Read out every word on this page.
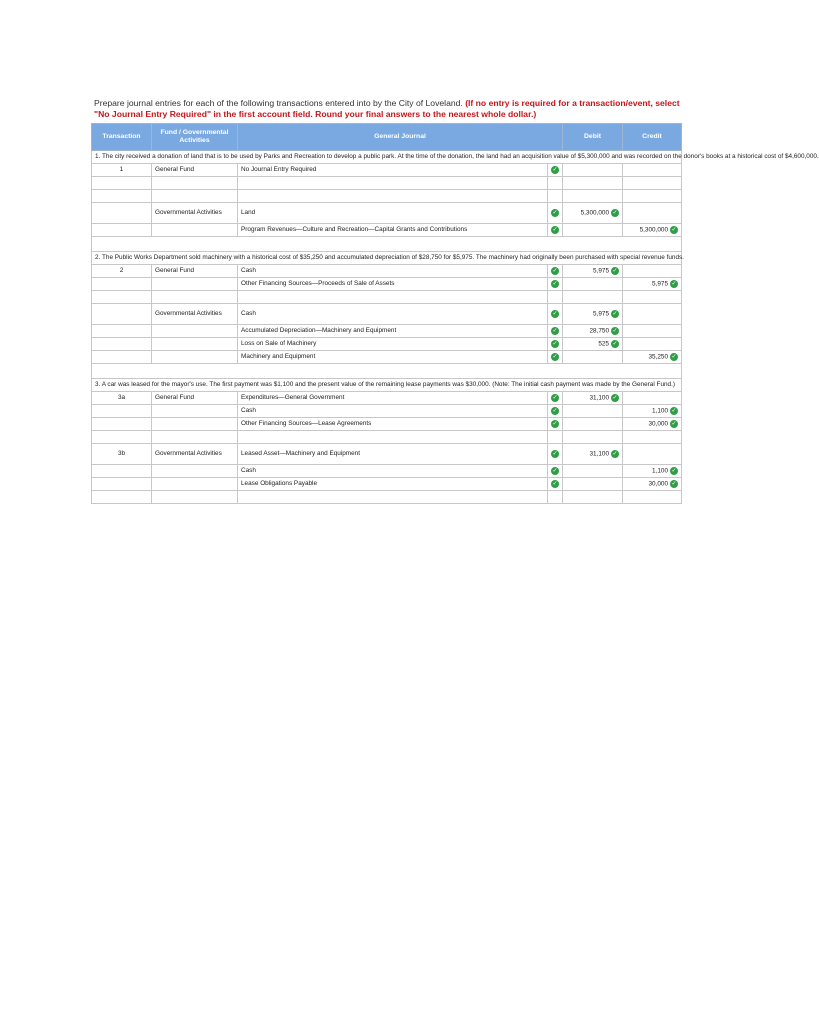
Prepare journal entries for each of the following transactions entered into by the City of Loveland. (If no entry is required for a transaction/event, select "No Journal Entry Required" in the first account field. Round your final answers to the nearest whole dollar.)
Transaction	Fund / Governmental Activities	General Journal		Debit	Credit
1. The city received a donation of land that is to be used by Parks and Recreation to develop a public park. At the time of the donation, the land had an acquisition value of $5,300,000 and was recorded on the donor's books at a historical cost of $4,600,000.					
1	General Fund	No Journal Entry Required	✓		

	Governmental Activities	Land	✓	5,300,000 ✓	
		Program Revenues—Culture and Recreation—Capital Grants and Contributions	✓		5,300,000 ✓

2. The Public Works Department sold machinery with a historical cost of $35,250 and accumulated depreciation of $28,750 for $5,975. The machinery had originally been purchased with special revenue funds.					
2	General Fund	Cash	✓	5,975 ✓	
		Other Financing Sources—Proceeds of Sale of Assets	✓		5,975 ✓

	Governmental Activities	Cash	✓	5,975 ✓	
		Accumulated Depreciation—Machinery and Equipment	✓	28,750 ✓	
		Loss on Sale of Machinery	✓	525 ✓	
		Machinery and Equipment	✓		35,250 ✓

3. A car was leased for the mayor's use. The first payment was $1,100 and the present value of the remaining lease payments was $30,000. (Note: The initial cash payment was made by the General Fund.)					
3a	General Fund	Expenditures—General Government	✓	31,100 ✓	
		Cash	✓		1,100 ✓
		Other Financing Sources—Lease Agreements	✓		30,000 ✓

3b	Governmental Activities	Leased Asset—Machinery and Equipment	✓	31,100 ✓	
		Cash	✓		1,100 ✓
		Lease Obligations Payable	✓		30,000 ✓
